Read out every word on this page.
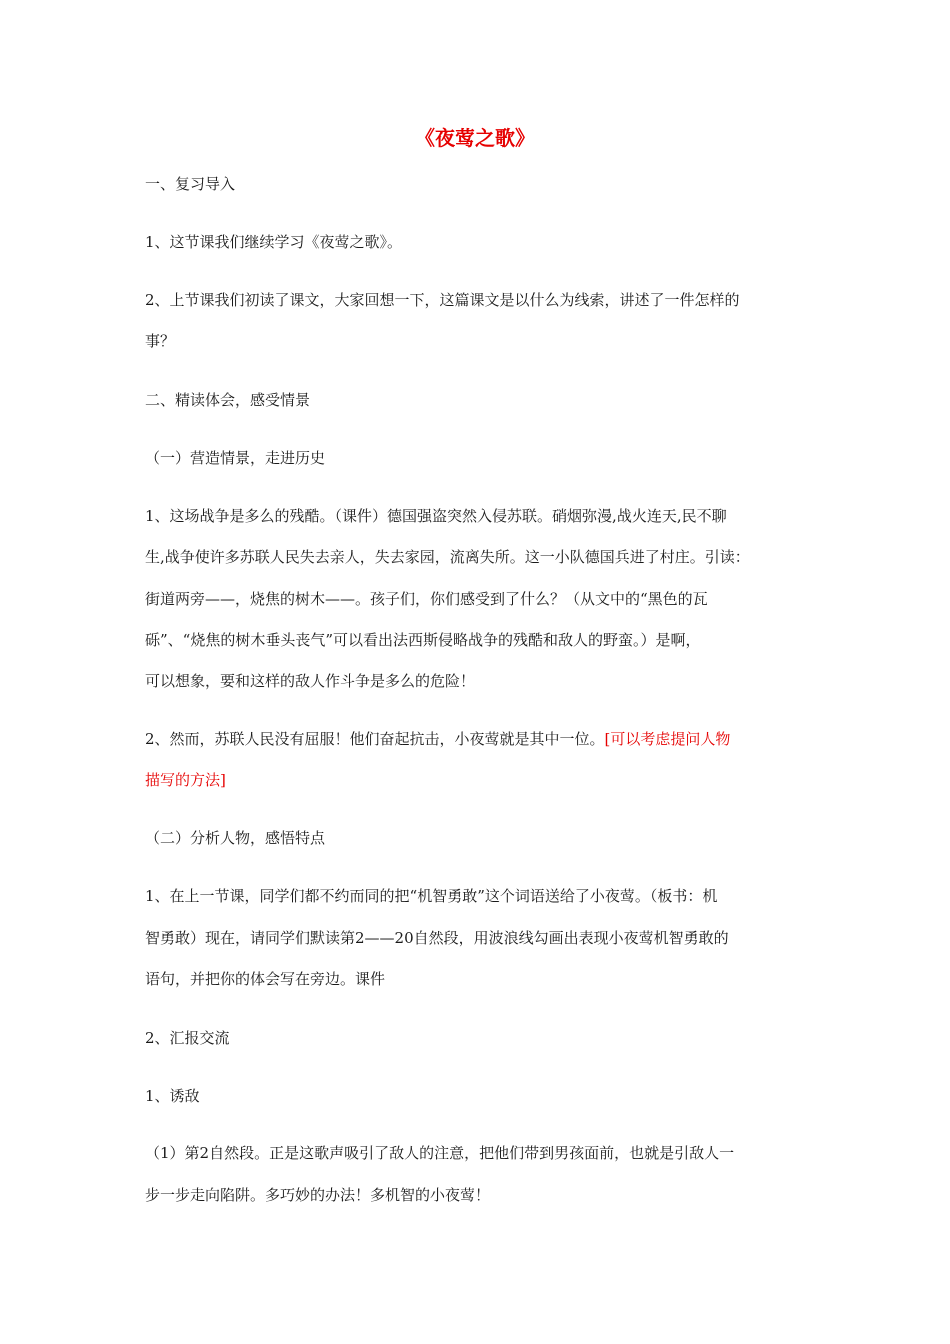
《夜莺之歌》
一、复习导入
1、这节课我们继续学习《夜莺之歌》。
2、上节课我们初读了课文，大家回想一下，这篇课文是以什么为线索，讲述了一件怎样的
事？
二、精读体会，感受情景
（一）营造情景，走进历史
1、这场战争是多么的残酷。（课件）德国强盗突然入侵苏联。硝烟弥漫,战火连天,民不聊
生,战争使许多苏联人民失去亲人，失去家园，流离失所。这一小队德国兵进了村庄。引读：
街道两旁——，烧焦的树木——。孩子们，你们感受到了什么？（从文中的“黑色的瓦
砾”、“烧焦的树木垂头丧气”可以看出法西斯侵略战争的残酷和敌人的野蛮。）是啊，
可以想象，要和这样的敌人作斗争是多么的危险！
2、然而，苏联人民没有屈服！他们奋起抗击，小夜莺就是其中一位。[可以考虑提问人物
描写的方法]
（二）分析人物，感悟特点
1、在上一节课，同学们都不约而同的把“机智勇敢”这个词语送给了小夜莺。（板书：机
智勇敢）现在，请同学们默读第2——20自然段，用波浪线勾画出表现小夜莺机智勇敢的
语句，并把你的体会写在旁边。课件
2、汇报交流
1、诱敌
（1）第2自然段。正是这歌声吸引了敌人的注意，把他们带到男孩面前，也就是引敌人一
步一步走向陷阱。多巧妙的办法！多机智的小夜莺！
